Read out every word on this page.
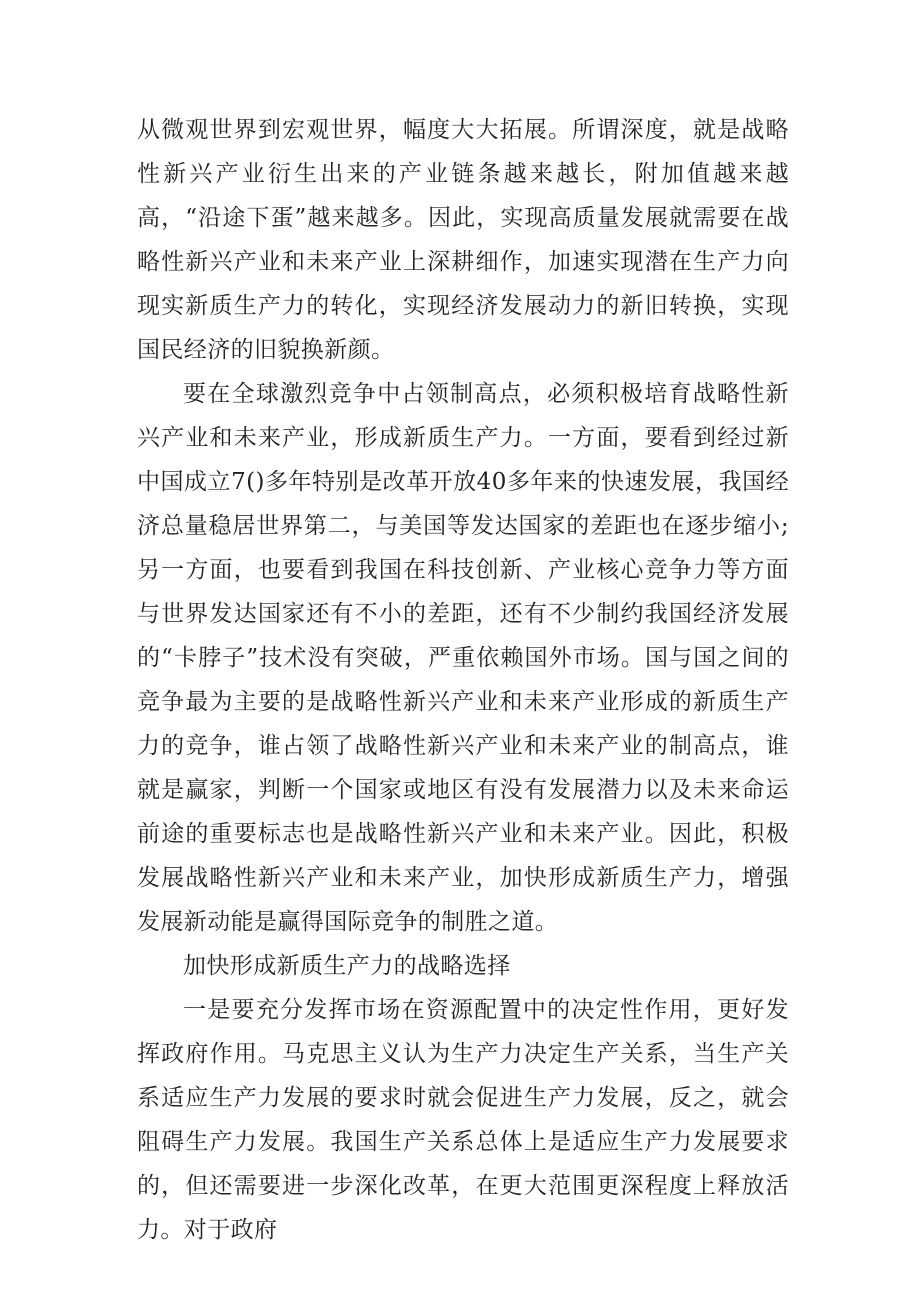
从微观世界到宏观世界，幅度大大拓展。所谓深度，就是战略性新兴产业衍生出来的产业链条越来越长，附加值越来越高，“沿途下蛋”越来越多。因此，实现高质量发展就需要在战略性新兴产业和未来产业上深耕细作，加速实现潜在生产力向现实新质生产力的转化，实现经济发展动力的新旧转换，实现国民经济的旧貌换新颜。

要在全球激烈竞争中占领制高点，必须积极培育战略性新兴产业和未来产业，形成新质生产力。一方面，要看到经过新中国成立7()多年特别是改革开放40多年来的快速发展，我国经济总量稳居世界第二，与美国等发达国家的差距也在逐步缩小;另一方面，也要看到我国在科技创新、产业核心竞争力等方面与世界发达国家还有不小的差距，还有不少制约我国经济发展的“卡脖子”技术没有突破，严重依赖国外市场。国与国之间的竞争最为主要的是战略性新兴产业和未来产业形成的新质生产力的竞争，谁占领了战略性新兴产业和未来产业的制高点，谁就是赢家，判断一个国家或地区有没有发展潜力以及未来命运前途的重要标志也是战略性新兴产业和未来产业。因此，积极发展战略性新兴产业和未来产业，加快形成新质生产力，增强发展新动能是赢得国际竞争的制胜之道。

加快形成新质生产力的战略选择

一是要充分发挥市场在资源配置中的决定性作用，更好发挥政府作用。马克思主义认为生产力决定生产关系，当生产关系适应生产力发展的要求时就会促进生产力发展，反之，就会阻碍生产力发展。我国生产关系总体上是适应生产力发展要求的，但还需要进一步深化改革，在更大范围更深程度上释放活力。对于政府
